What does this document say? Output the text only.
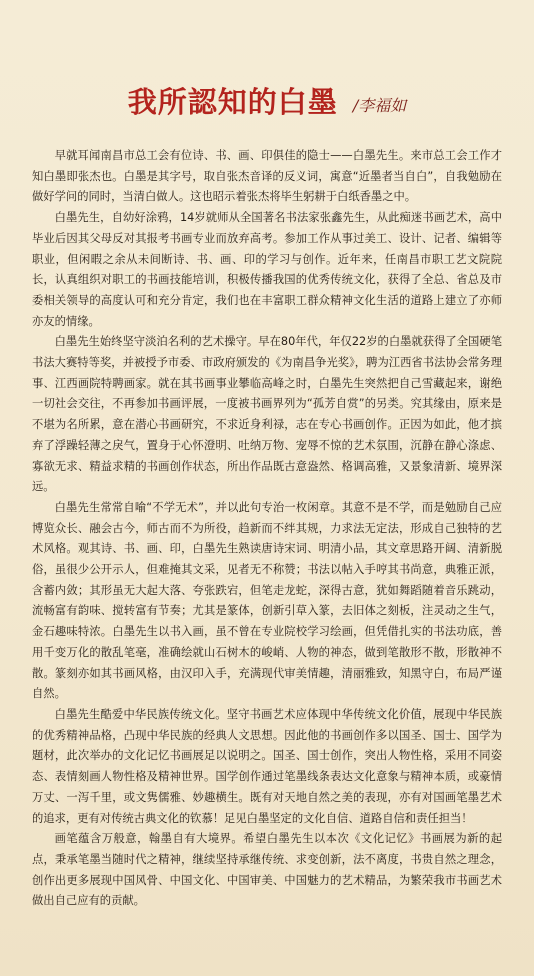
我所認知的白墨 /李福如

早就耳闻南昌市总工会有位诗、书、画、印俱佳的隐士——白墨先生。来市总工会工作才知白墨即张杰也。白墨是其字号，取自张杰音译的反义词，寓意“近墨者当自白”，自我勉励在做好学问的同时，当清白做人。这也昭示着张杰将毕生躬耕于白纸香墨之中。

白墨先生，自幼好涂鸦，14岁就师从全国著名书法家张鑫先生，从此痴迷书画艺术，高中毕业后因其父母反对其报考书画专业而放弃高考。参加工作从事过美工、设计、记者、编辑等职业，但闲暇之余从未间断诗、书、画、印的学习与创作。近年来，任南昌市职工艺文院院长，认真组织对职工的书画技能培训，积极传播我国的优秀传统文化，获得了全总、省总及市委相关领导的高度认可和充分肯定，我们也在丰富职工群众精神文化生活的道路上建立了亦师亦友的情缘。

白墨先生始终坚守淡泊名利的艺术操守。早在80年代，年仅22岁的白墨就获得了全国硬笔书法大赛特等奖，并被授予市委、市政府颁发的《为南昌争光奖》，聘为江西省书法协会常务理事、江西画院特聘画家。就在其书画事业攀临高峰之时，白墨先生突然把自己雪藏起来，谢绝一切社会交往，不再参加书画评展，一度被书画界列为“孤芳自赏”的另类。究其缘由，原来是不堪为名所累，意在潜心书画研究，不求近身利禄，志在专心书画创作。正因为如此，他才摈弃了浮躁轻薄之戾气，置身于心怀澄明、吐纳万物、宠辱不惊的艺术氛围，沉静在静心涤虑、寡欲无求、精益求精的书画创作状态，所出作品既古意盎然、格调高雅，又景象清新、境界深远。

白墨先生常常自喻“不学无术”，并以此句专治一枚闲章。其意不是不学，而是勉励自己应博览众长、融会古今，师古而不为所役，趋新而不绊其规，力求法无定法，形成自己独特的艺术风格。观其诗、书、画、印，白墨先生熟读唐诗宋词、明清小品，其文章思路开阔、清新脱俗，虽很少公开示人，但难掩其文采，见者无不称赞；书法以帖入手哼其书尚意，典雅正派，含蓄内敛；其形虽无大起大落、夸张跌宕，但笔走龙蛇，深得古意，犹如舞蹈随着音乐跳动，流畅富有韵味、搅转富有节奏；尤其是篆体，创新引草入篆，去旧体之刻板，注灵动之生气，金石趣味特浓。白墨先生以书入画，虽不曾在专业院校学习绘画，但凭借扎实的书法功底，善用千变万化的散乱笔毫，准确绘就山石树木的峻峭、人物的神态，做到笔散形不散，形散神不散。篆刻亦如其书画风格，由汉印入手，充满现代审美情趣，清丽雅致，知黑守白，布局严谨自然。

白墨先生酷爱中华民族传统文化。坚守书画艺术应体现中华传统文化价值，展现中华民族的优秀精神品格，凸现中华民族的经典人文思想。因此他的书画创作多以国圣、国士、国学为题材，此次举办的文化记忆书画展足以说明之。国圣、国士创作，突出人物性格，采用不同姿态、表情刻画人物性格及精神世界。国学创作通过笔墨线条表达文化意象与精神本质，或豪情万丈、一泻千里，或文隽儒雅、妙趣横生。既有对天地自然之美的表现，亦有对国画笔墨艺术的追求，更有对传统古典文化的钦慕！足见白墨坚定的文化自信、道路自信和责任担当！

画笔蕴含万般意，翰墨自有大境界。希望白墨先生以本次《文化记忆》书画展为新的起点，秉承笔墨当随时代之精神，继续坚持承继传统、求变创新，法不离度，书贵自然之理念，创作出更多展现中国风骨、中国文化、中国审美、中国魅力的艺术精品，为繁荣我市书画艺术做出自己应有的贡献。
